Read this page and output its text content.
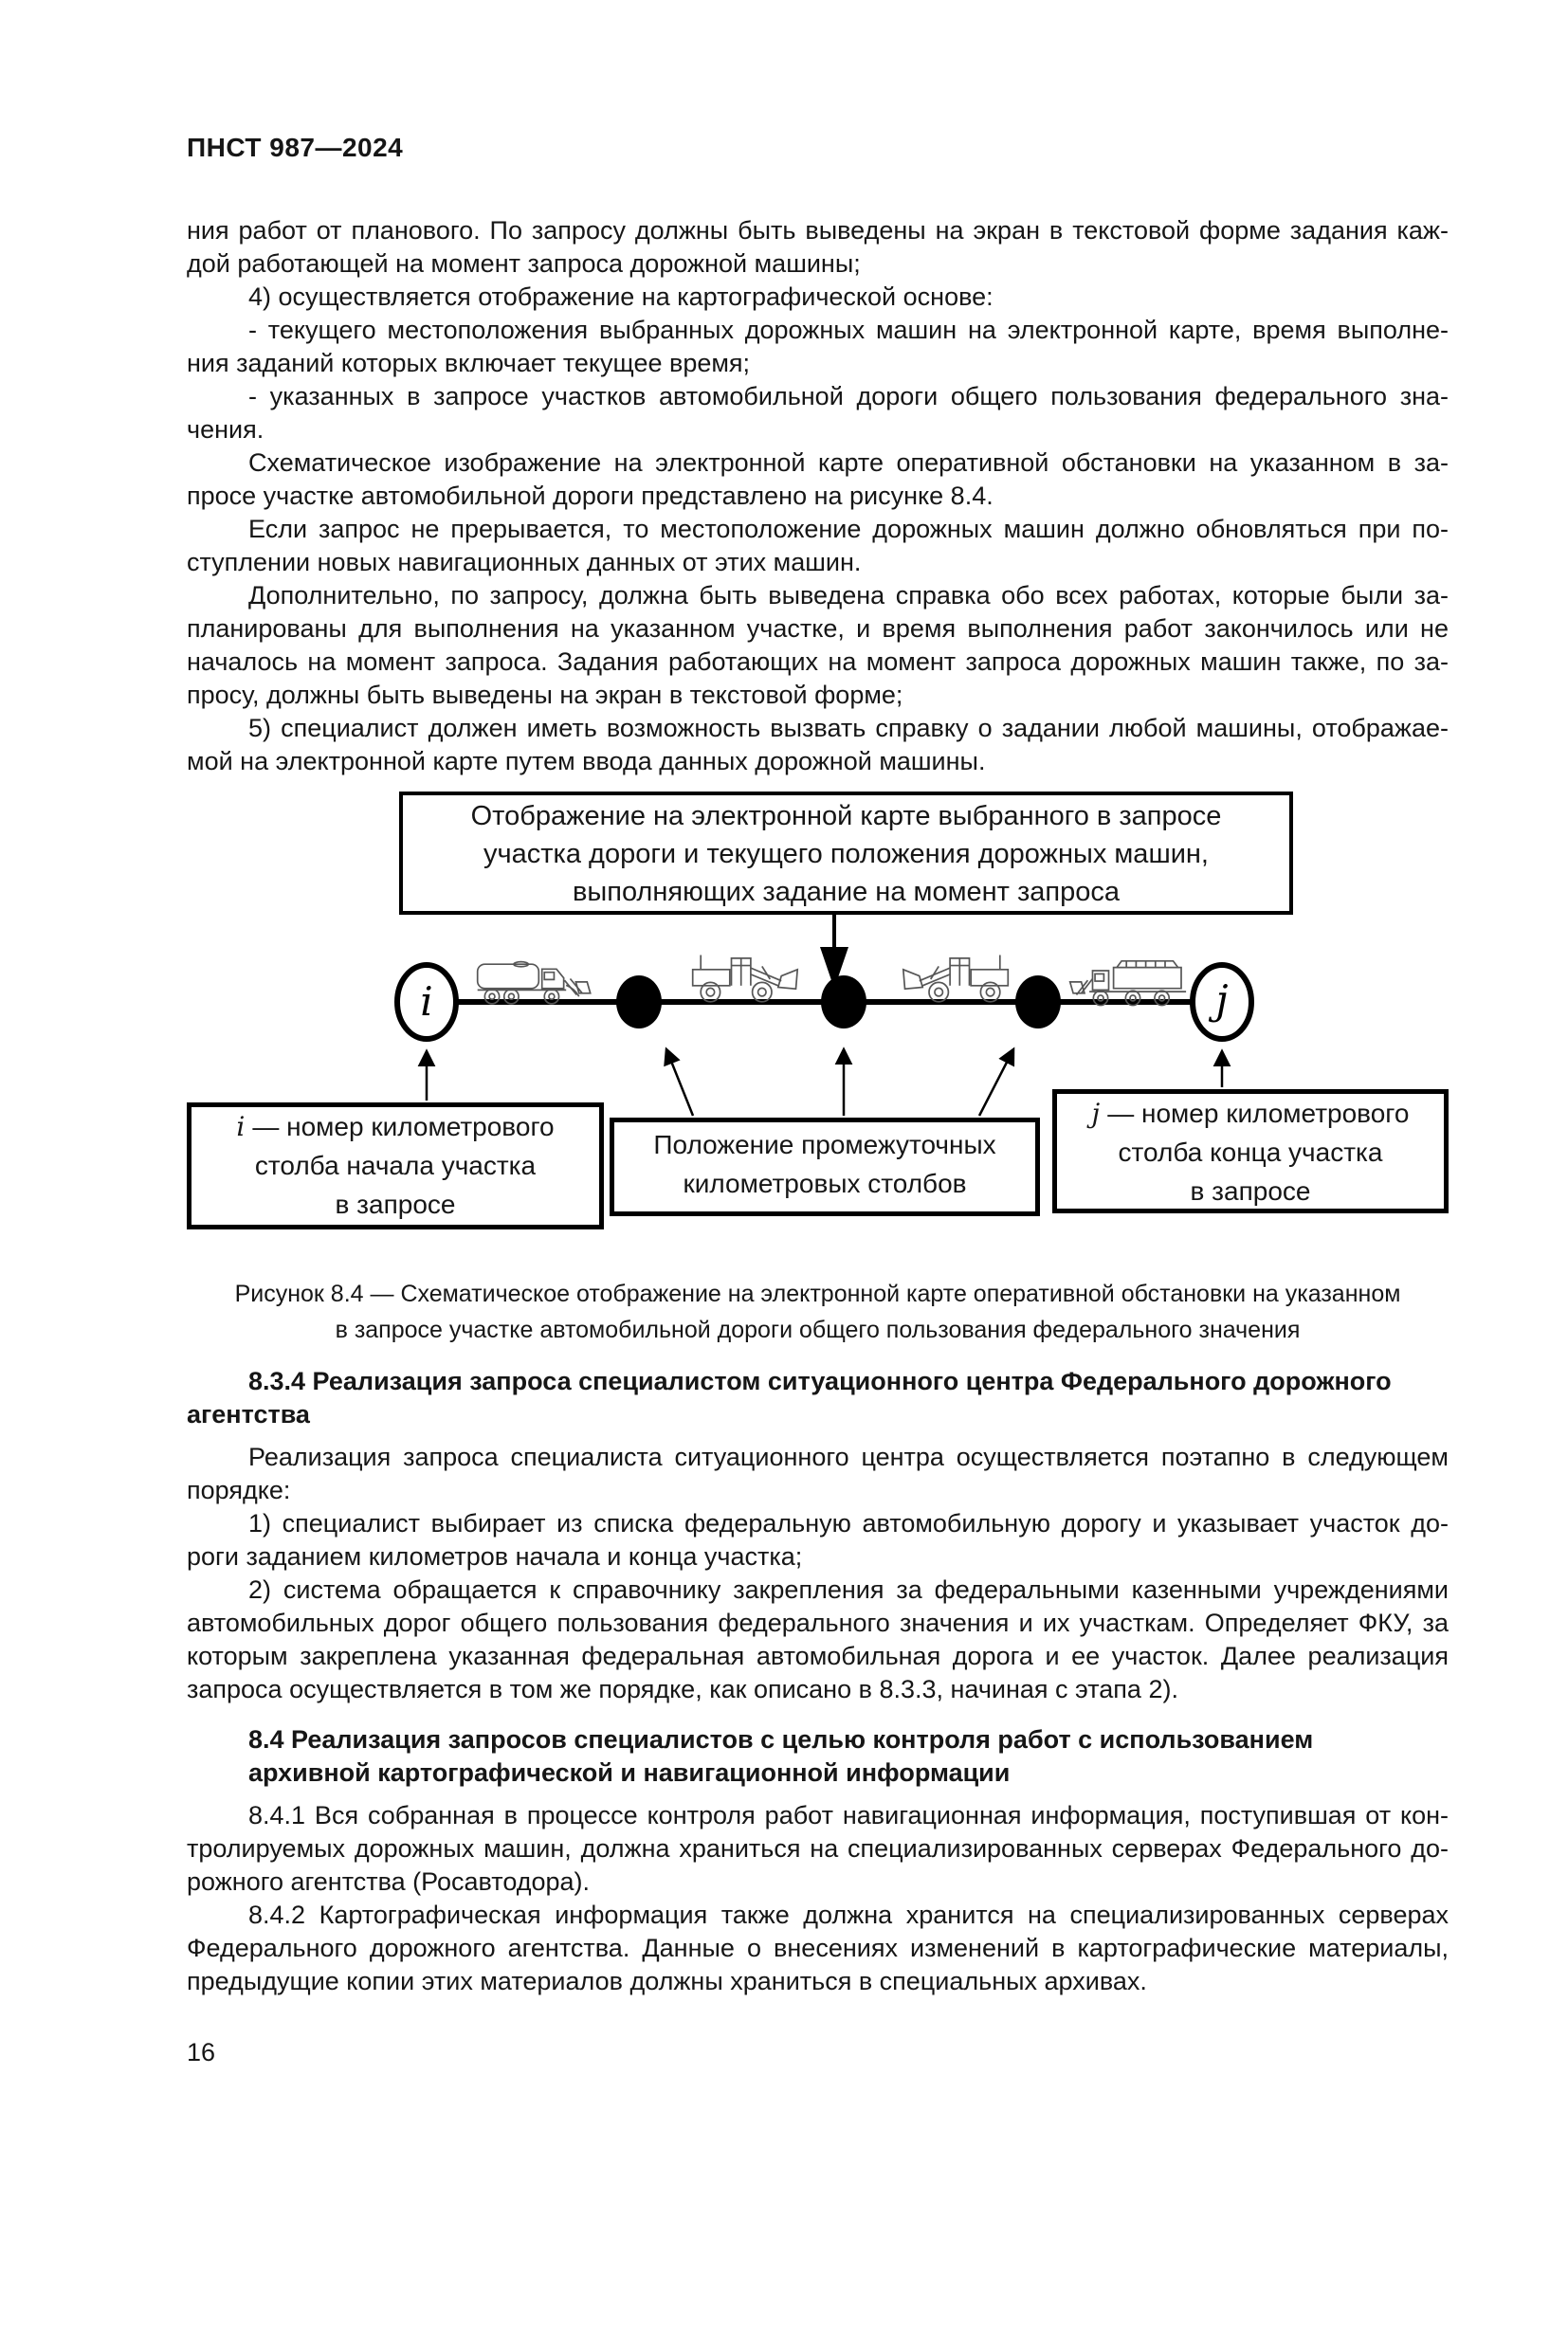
ПНСТ 987—2024
ния работ от планового. По запросу должны быть выведены на экран в текстовой форме задания каж-
дой работающей на момент запроса дорожной машины;
4) осуществляется отображение на картографической основе:
- текущего местоположения выбранных дорожных машин на электронной карте, время выполне-
ния заданий которых включает текущее время;
- указанных в запросе участков автомобильной дороги общего пользования федерального зна-
чения.
Схематическое изображение на электронной карте оперативной обстановки на указанном в за-
просе участке автомобильной дороги представлено на рисунке 8.4.
Если запрос не прерывается, то местоположение дорожных машин должно обновляться при по-
ступлении новых навигационных данных от этих машин.
Дополнительно, по запросу, должна быть выведена справка обо всех работах, которые были за-
планированы для выполнения на указанном участке, и время выполнения работ закончилось или не
началось на момент запроса. Задания работающих на момент запроса дорожных машин также, по за-
просу, должны быть выведены на экран в текстовой форме;
5) специалист должен иметь возможность вызвать справку о задании любой машины, отображае-
мой на электронной карте путем ввода данных дорожной машины.
i	j
Отображение на электронной карте выбранного в запросе
участка дороги и текущего положения дорожных машин,
выполняющих задание на момент запроса
i — номер километрового
столба начала участка
в запросе
Положение промежуточных
километровых столбов
j — номер километрового
столба конца участка
в запросе
Рисунок 8.4 — Схематическое отображение на электронной карте оперативной обстановки на указанном
в запросе участке автомобильной дороги общего пользования федерального значения
8.3.4 Реализация запроса специалистом ситуационного центра Федерального дорожного
агентства
Реализация запроса специалиста ситуационного центра осуществляется поэтапно в следующем
порядке:
1) специалист выбирает из списка федеральную автомобильную дорогу и указывает участок до-
роги заданием километров начала и конца участка;
2) система обращается к справочнику закрепления за федеральными казенными учреждениями
автомобильных дорог общего пользования федерального значения и их участкам. Определяет ФКУ, за
которым закреплена указанная федеральная автомобильная дорога и ее участок. Далее реализация
запроса осуществляется в том же порядке, как описано в 8.3.3, начиная с этапа 2).
8.4 Реализация запросов специалистов с целью контроля работ с использованием
архивной картографической и навигационной информации
8.4.1 Вся собранная в процессе контроля работ навигационная информация, поступившая от кон-
тролируемых дорожных машин, должна храниться на специализированных серверах Федерального до-
рожного агентства (Росавтодора).
8.4.2 Картографическая информация также должна хранится на специализированных серверах
Федерального дорожного агентства. Данные о внесениях изменений в картографические материалы,
предыдущие копии этих материалов должны храниться в специальных архивах.
16
